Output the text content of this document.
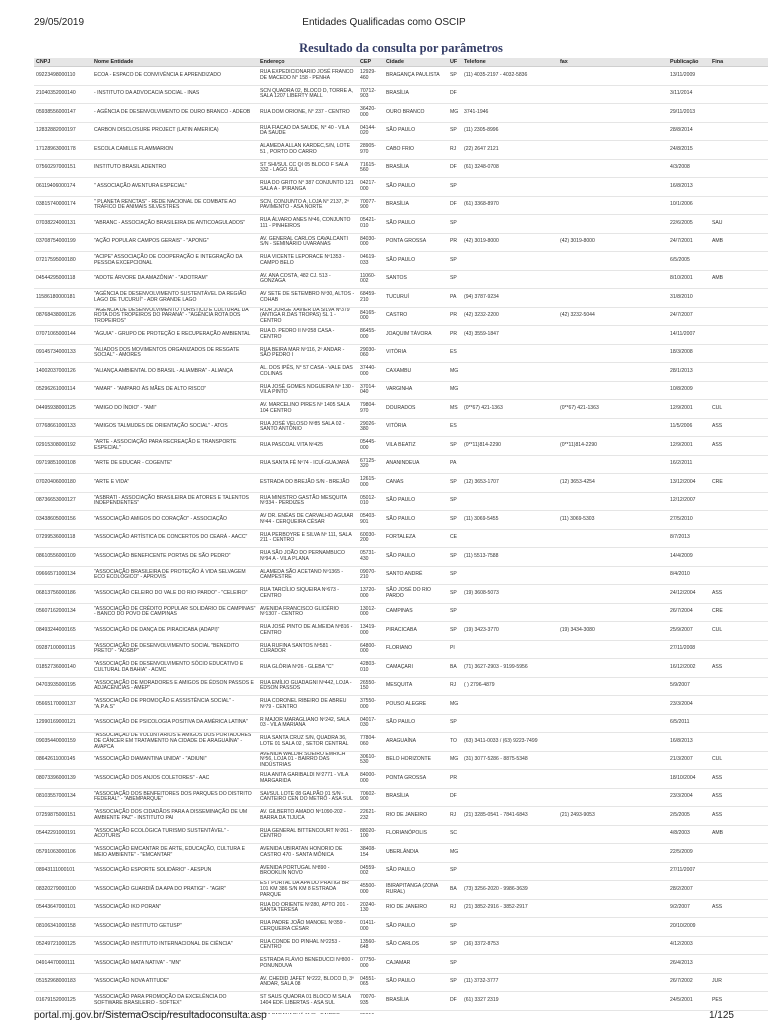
29/05/2019	Entidades Qualificadas como OSCIP
Resultado da consulta por parâmetros
CNPJ	Nome Entidade	Endereço	CEP	Cidade	UF	Telefone	fax	Publicação	Fina
09223498000110	ECOA - ESPACO DE CONVIVÊNCIA E APRENDIZADO	RUA EXPEDICIONARIO JOSÉ FRANCO DE MACEDO N° 158 - PENHA	12929-460	BRAGANÇA PAULISTA	SP	(11) 4035-2197 - 4032-5836		13/11/2009	
21040352000140	- INSTITUTO DA ADVOCACIA SOCIAL - INAS	SCN QUADRA 02, BLOCO D, TORRE A, SALA 1207 LIBERTY MALL	70712-903	BRASÍLIA	DF			3/11/2014	
05938556000147	- AGÊNCIA DE DESENVOLVIMENTO DE OURO BRANCO - ADEOB	RUA DOM ORIONE, N° 237 - CENTRO	36420-000	OURO BRANCO	MG	3741-1946		29/11/2013	
12832882000197	CARBON DISCLOSURE PROJECT (LATIN AMERICA)	RUA FIACAO DA SAUDE, N° 40 - VILA DA SAUDE	04144-020	SÃO PAULO	SP	(11) 2305-8996		28/8/2014	
17128963000178	ESCOLA CAMILLE FLAMMARION	ALAMEDA ALLAN KARDEC,S/N, LOTE 51 , PORTO DO CARRO	28905-970	CABO FRIO	RJ	(22) 2647 2121		24/8/2015	
07560297000151	INSTITUTO BRASIL ADENTRO	ST SHI/SUL CC QI 05 BLOCO F SALA 332 - LAGO SUL	71615-560	BRASÍLIA	DF	(61) 3248-0708		4/3/2008	
06119406000174	" ASSOCIAÇÃO AVENTURA ESPECIAL"	RUA DO GRITO N° 387 CONJUNTO 121 SALA A - IPIRANGA	04217-000	SÃO PAULO	SP			16/8/2013	
03815740000174	" PLANETA RENCTAS" - REDE NACIONAL DE COMBATE AO TRÁFICO DE ANIMAIS SILVESTRES	SCN, CONJUNTO A, LOJA N° 2137, 2º PAVIMENTO - ASA NORTE	70077-900	BRASÍLIA	DF	(61) 3368-8970		10/1/2006	
07038224000131	"ABRANC - ASSOCIAÇÃO BRASILEIRA DE ANTICOAGULADOS"	RUA ÁLVARO ANES Nº46, CONJUNTO 111 - PINHEIROS	05421-010	SÃO PAULO	SP			22/6/2005	SAU
03708754000199	"AÇÃO POPULAR CAMPOS GERAIS" - "APONG"	AV. GENERAL CARLOS CAVALCANTI S/N - SEMINÁRIO UVARANAS	84030-000	PONTA GROSSA	PR	(42) 3019-8000	(42) 3019-8000	24/7/2001	AMB
07217595000180	"ACIPE" ASSOCIAÇÃO DE COOPERAÇÃO E INTEGRAÇÃO DA PESSOA EXCEPCIONAL	RUA VICENTE LEPORACE Nº1353 - CAMPO BELO	04619-033	SÃO PAULO	SP			6/5/2005	
04544295000118	"ADOTE ÁRVORE DA AMAZÔNIA" - "ADOTRAM"	AV. ANA COSTA, 482 CJ. 513 - GONZAGA	11060-002	SANTOS	SP			8/10/2001	AMB
11586180000181	"AGÊNCIA DE DESENVOLVIMENTO SUSTENTÁVEL DA REGIÃO LAGO DE TUCURUÍ" - ADR GRANDE LAGO	AV SETE DE SETEMBRO Nº30, ALTOS - COHAB	68459-210	TUCURUÍ	PA	(94) 3787-9234		31/8/2010	
08768438000126	"AGÊNCIA DE DESENVOLVIMENTO TURÍSTICO E CULTURAL DA ROTA DOS TROPEIROS DO PARANÁ" - "AGÊNCIA ROTA DOS TROPEIROS"	R.DR.JORGE XAVIER DA SILVA Nº379 (ANTIGA R.DAS TROPAS) SL 1 - CENTRO	84165-000	CASTRO	PR	(42) 3232-2200	(42) 3232-5044	24/7/2007	
07071065000144	"ÁGUIA" - GRUPO DE PROTEÇÃO E RECUPERAÇÃO AMBIENTAL	RUA D. PEDRO II Nº258 CASA - CENTRO	86455-000	JOAQUIM TÁVORA	PR	(43) 3559-1847		14/11/2007	
09145734000133	"ALIADOS DOS MOVIMENTOS ORGANIZADOS DE RESGATE SOCIAL" - AMORES	RUA BEIRA MAR Nº116, 2º ANDAR - SÃO PEDRO I	29030-060	VITÓRIA	ES			18/3/2008	
14002037000126	"ALIANÇA AMBIENTAL DO BRASIL - ALIAMBRA" - ALIANÇA	AL. DOS IPÊS, N° 57 CASA - VALE DAS COLINAS	37440-000	CAXAMBU	MG			28/1/2013	
05296261000114	"AMAR" - "AMPARO ÀS MÃES DE ALTO RISCO"	RUA JOSÉ GOMES NOGUEIRA Nº 130 - VILA PINTO	37014-040	VARGINHA	MG			10/8/2009	
04495938000125	"AMIGO DO ÍNDIO" - "AMI"	AV. MARCELINO PIRES Nº 1405 SALA 104 CENTRO	79804-970	DOURADOS	MS	(0**67) 421-1363	(0**67) 421-1363	12/9/2001	CUL
07768661000133	"AMIGOS TALMUDES DE ORIENTAÇÃO SOCIAL" - ATOS	RUA JOSÉ VELOSO Nº85 SALA 02 - SANTO ANTÔNIO	29026-380	VITÓRIA	ES			11/5/2006	ASS
02915308000192	"ARTE - ASSOCIAÇÃO PARA RECREAÇÃO E TRANSPORTE ESPECIAL"	RUA PASCOAL VITA Nº425	05445-000	VILA BEATIZ	SP	(0**11)814-2290	(0**11)814-2290	12/9/2001	ASS
09719851000108	"ARTE DE EDUCAR - COGENTE"	RUA SANTA FÉ Nº74 - ICUÍ-GUAJARÁ	67125-320	ANANINDEUA	PA			16/2/2011	
07020406000180	"ARTE E VIDA"	ESTRADA DO BREJÃO S/N - BREJÃO	12615-000	CANAS	SP	(12) 3653-1707	(12) 3653-4254	13/12/2004	CRE
08736653000127	"ASBRATI - ASSOCIAÇÃO BRASILEIRA DE ATORES E TALENTOS INDEPENDENTES"	RUA MINISTRO GASTÃO MESQUITA Nº334 - PERDIZES	05012-010	SÃO PAULO	SP			12/12/2007	
03438605000156	"ASSOCIAÇÃO AMIGOS DO CORAÇÃO" - ASSOCIAÇÃO	AV DR. ENÉAS DE CARVALHO AGUIAR Nº44 - CERQUEIRA CÉSAR	05403-901	SÃO PAULO	SP	(11) 3069-5455	(11) 3069-5303	27/5/2010	
07299536000118	"ASSOCIAÇÃO ARTÍSTICA DE CONCERTOS DO CEARÁ - AACC"	RUA PERBOYRE E SILVA Nº 111, SALA 211 - CENTRO	60030-200	FORTALEZA	CE			8/7/2013	
08610556000109	"ASSOCIAÇÃO BENEFICENTE PORTAS DE SÃO PEDRO"	RUA SÃO JOÃO DO PERNAMBUCO Nº94 A - VILA PLANA	05731-430	SÃO PAULO	SP	(11) 5513-7588		14/4/2009	
09666571000134	"ASSOCIAÇÃO BRASILEIRA DE PROTEÇÃO À VIDA SELVAGEM ECO ECOLÓGICO" - APROVIS	ALAMEDA SÃO ACETANO Nº1365 - CAMPESTRE	09070-210	SANTO ANDRÉ	SP			8/4/2010	
06813756000186	"ASSOCIAÇÃO CELEIRO DO VALE DO RIO PARDO" - "CELEIRO"	RUA TARCÍLIO SIQUEIRA Nº673 - CENTRO	13720-000	SÃO JOSÉ DO RIO PARDO	SP	(19) 3608-5073		24/12/2004	ASS
05607162000134	"ASSOCIAÇÃO DE CRÉDITO POPULAR SOLIDÁRIO DE CAMPINAS" - BANCO DO POVO DE CAMPINAS	AVENIDA FRANCISCO GLICÉRIO Nº1307 - CENTRO	13012-000	CAMPINAS	SP			26/7/2004	CRE
08493244000165	"ASSOCIAÇÃO DE DANÇA DE PIRACICABA (ADAPI)"	RUA JOSÉ PINTO DE ALMEIDA Nº816 - CENTRO	13419-000	PIRACICABA	SP	(19) 3423-3770	(19) 3434-3080	25/9/2007	CUL
09287100000115	"ASSOCIAÇÃO DE DESENVOLVIMENTO SOCIAL "BENEDITO PRETO" - "ADSBP"	RUA RUFINA SANTOS Nº581 - CURADOR	64800-000	FLORIANO	PI			27/11/2008	
01852736000140	"ASSOCIAÇÃO DE DESENVOLVIMENTO SÓCIO EDUCATIVO E CULTURAL DA BAHIA" - ACMC	RUA GLÓRIA Nº26 - GLEBA "C"	42803-010	CAMAÇARI	BA	(71) 3627-2903 - 9199-5956		16/12/2002	ASS
04703935000195	"ASSOCIAÇÃO DE MORADORES E AMIGOS DE ÉDSON PASSOS E ADJACÊNCIAS - AMEP"	RUA EMÍLIO GUADAGNI Nº442, LOJA - ÉDSON PASSOS	26550-150	MESQUITA	RJ	( ) 2796-4879		5/9/2007	
05665170000137	"ASSOCIAÇÃO DE PROMOÇÃO E ASSISTÊNCIA SOCIAL" - "A.P.A.S"	RUA CORONEL RIBEIRO DE ABREU Nº79 - CENTRO	37550-000	POUSO ALEGRE	MG			23/3/2004	
12990169000121	"ASSOCIAÇÃO DE PSICOLOGIA POSITIVA DA AMÉRICA LATINA"	R MAJOR MARAGLIANO Nº242, SALA 03 - VILA MARIANA	04017-030	SÃO PAULO	SP			6/5/2011	
09035440000159	"ASSOCIAÇÃO DE VOLUNTÁRIOS E AMIGOS DOS PORTADORES DE CÂNCER EM TRATAMENTO NA CIDADE DE ARAGUAÍNA" - AVAPCA	RUA SANTA CRUZ S/N, QUADRA 36, LOTE 01 SALA 02 , SETOR CENTRAL	77804-060	ARAGUAÍNA	TO	(63) 3411-0033 / (63) 9223-7499		16/8/2013	
08642611000145	"ASSOCIAÇÃO DIAMANTINA UNIDA" - "ADIUNI"	AVENIDA WALDIR SOEIRO EMRICH Nº56, LOJA 01 - BAIRRO DAS INDÚSTRIAS	30610-530	BELO HORIZONTE	MG	(31) 3077-5286 - 8875-5348		21/3/2007	CUL
08073396000139	"ASSOCIAÇÃO DOS ANJOS COLETORES" - AAC	RUA ANITA GARIBALDI Nº2771 - VILA MARGARIDA	84000-000	PONTA GROSSA	PR			18/10/2004	ASS
08103557000134	"ASSOCIAÇÃO DOS BENFEITORES DOS PARQUES DO DISTRITO FEDERAL" - "ABEMPARQUE"	SAI/SUL LOTE 08 GALPÃO 01 S/N - CANTEIRO CEN DO METRÔ - ASA SUL	70602-900	BRASÍLIA	DF			23/3/2004	ASS
07259875000151	"ASSOCIAÇÃO DOS CIDADÃOS PARA A DISSEMINAÇÃO DE UM AMBIENTE PAZ" - INSTITUTO PAI	AV. GILBERTO AMADO Nº1090-202 - BARRA DA TIJUCA	22621-232	RIO DE JANEIRO	RJ	(21) 3285-0541 - 7841-6843	(21) 2493-9053	2/5/2005	ASS
05442291000191	"ASSOCIAÇÃO ECOLÓGICA TURISMO SUSTENTÁVEL" - ACOTURIS	RUA GENERAL BITTENCOURT Nº261 - CENTRO	88020-100	FLORIANÓPOLIS	SC			4/8/2003	AMB
05791063000106	"ASSOCIAÇÃO EMCANTAR DE ARTE, EDUCAÇÃO, CULTURA E MEIO AMBIENTE" - "EMCANTAR"	AVENIDA UBIRATAN HONORIO DE CASTRO 470 - SANTA MÔNICA	38408-154	UBERLÂNDIA	MG			22/5/2009	
08943111000101	"ASSOCIAÇÃO ESPORTE SOLIDÁRIO" - AESPUN	AVENIDA PORTUGAL Nº890 - BROOKLIN NOVO	04559-002	SÃO PAULO	SP			27/11/2007	
08320279000100	"ASSOCIAÇÃO GUARDIÃ DA APA DO PRATIGI" - "AGIR"	EST PORTAL DA APA DO PRATIGI BR 101 KM 386 S/N KM 8 ESTRADA PARQUE	45500-000	IBIRAPITANGA (ZONA RURAL)	BA	(73) 3256-2020 - 9986-3639		28/2/2007	
05443647000101	"ASSOCIAÇÃO IKO PORAN"	RUA DO ORIENTE Nº280, APTO 201 - SANTA TERESA	20240-130	RIO DE JANEIRO	RJ	(21) 3852-2916 - 3852-2917		9/2/2007	ASS
08106341000158	"ASSOCIAÇÃO INSTITUTO GETUSP"	RUA PADRE JOÃO MANOEL Nº359 - CERQUEIRA CÉSAR	01411-000	SÃO PAULO	SP			20/10/2009	
05249721000125	"ASSOCIAÇÃO INSTITUTO INTERNACIONAL DE CIÊNCIA"	RUA CONDE DO PINHAL Nº2253 - CENTRO	13560-648	SÃO CARLOS	SP	(16) 3372-8753		4/12/2003	
04914470000111	"ASSOCIAÇÃO MATA NATIVA" - "MN"	ESTRADA FLÁVIO BENEDUCCI Nº800 - PONUNDUVA	07750-000	CAJAMAR	SP			26/4/2013	
05152968000183	"ASSOCIAÇÃO NOVA ATITUDE"	AV. CHEDID JAFET Nº222, BLOCO D, 3º ANDAR, SALA 08	04551-065	SÃO PAULO	SP	(11) 3732-3777		26/7/2002	JUR
01679152000125	"ASSOCIAÇÃO PARA PROMOÇÃO DA EXCELÊNCIA DO SOFTWARE BRASILEIRO - SOFTEX"	ST SAUS QUADRA 01 BLOCO M SALA 1404 EDF. LIBERTAS - ASA SUL	70070-935	BRASÍLIA	DF	(61) 3327 2319		24/5/2001	PES

portal.mj.gov.br/SistemaOscip/resultadoconsulta.asp	1/125
